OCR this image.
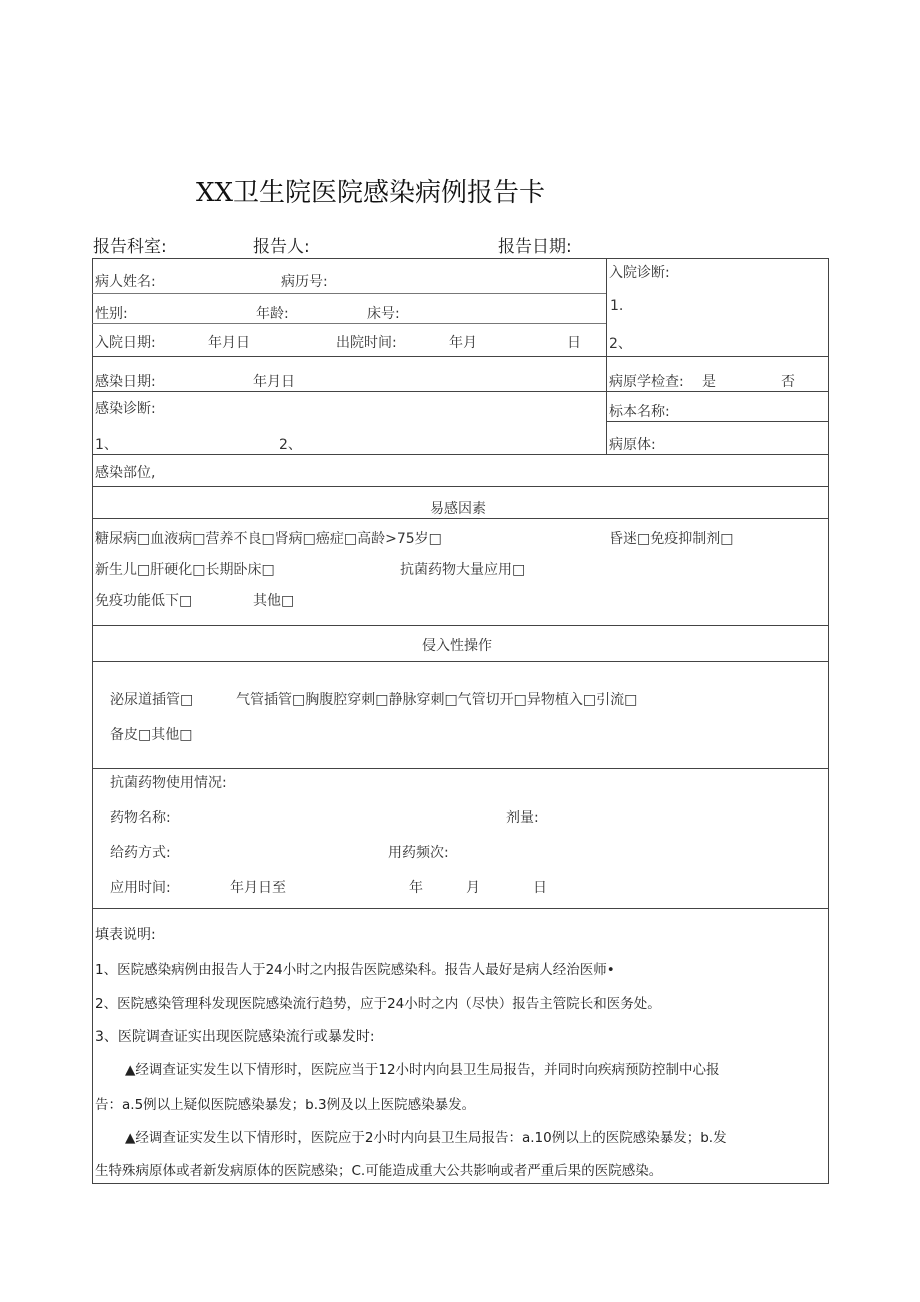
XX卫生院医院感染病例报告卡
报告科室:	报告人:	报告日期:
病人姓名:	病历号:
性别:	年龄:	床号:
入院日期:	年月日	出院时间:	年月	日
入院诊断:
1.
2、
感染日期:	年月日
感染诊断:
1、	2、
感染部位,
病原学检查: 是	否
标本名称:
病原体:
易感因素
糖尿病□血液病□营养不良□肾病□癌症□高龄>75岁□	昏迷□免疫抑制剂□
新生儿□肝硬化□长期卧床□	抗菌药物大量应用□
免疫功能低下□	其他□
侵入性操作
泌尿道插管□	气管插管□胸腹腔穿刺□静脉穿刺□气管切开□异物植入□引流□
备皮□其他□
抗菌药物使用情况:
药物名称:	剂量:
给药方式:	用药频次:
应用时间:	年月日至	年	月	日
填表说明:
1、医院感染病例由报告人于24小时之内报告医院感染科。报告人最好是病人经治医师•
2、医院感染管理科发现医院感染流行趋势，应于24小时之内（尽快）报告主管院长和医务处。
3、医院调查证实出现医院感染流行或暴发时:
▲经调查证实发生以下情形时，医院应当于12小时内向县卫生局报告，并同时向疾病预防控制中心报
告：a.5例以上疑似医院感染暴发；b.3例及以上医院感染暴发。
▲经调查证实发生以下情形时，医院应于2小时内向县卫生局报告：a.10例以上的医院感染暴发；b.发
生特殊病原体或者新发病原体的医院感染；C.可能造成重大公共影响或者严重后果的医院感染。
